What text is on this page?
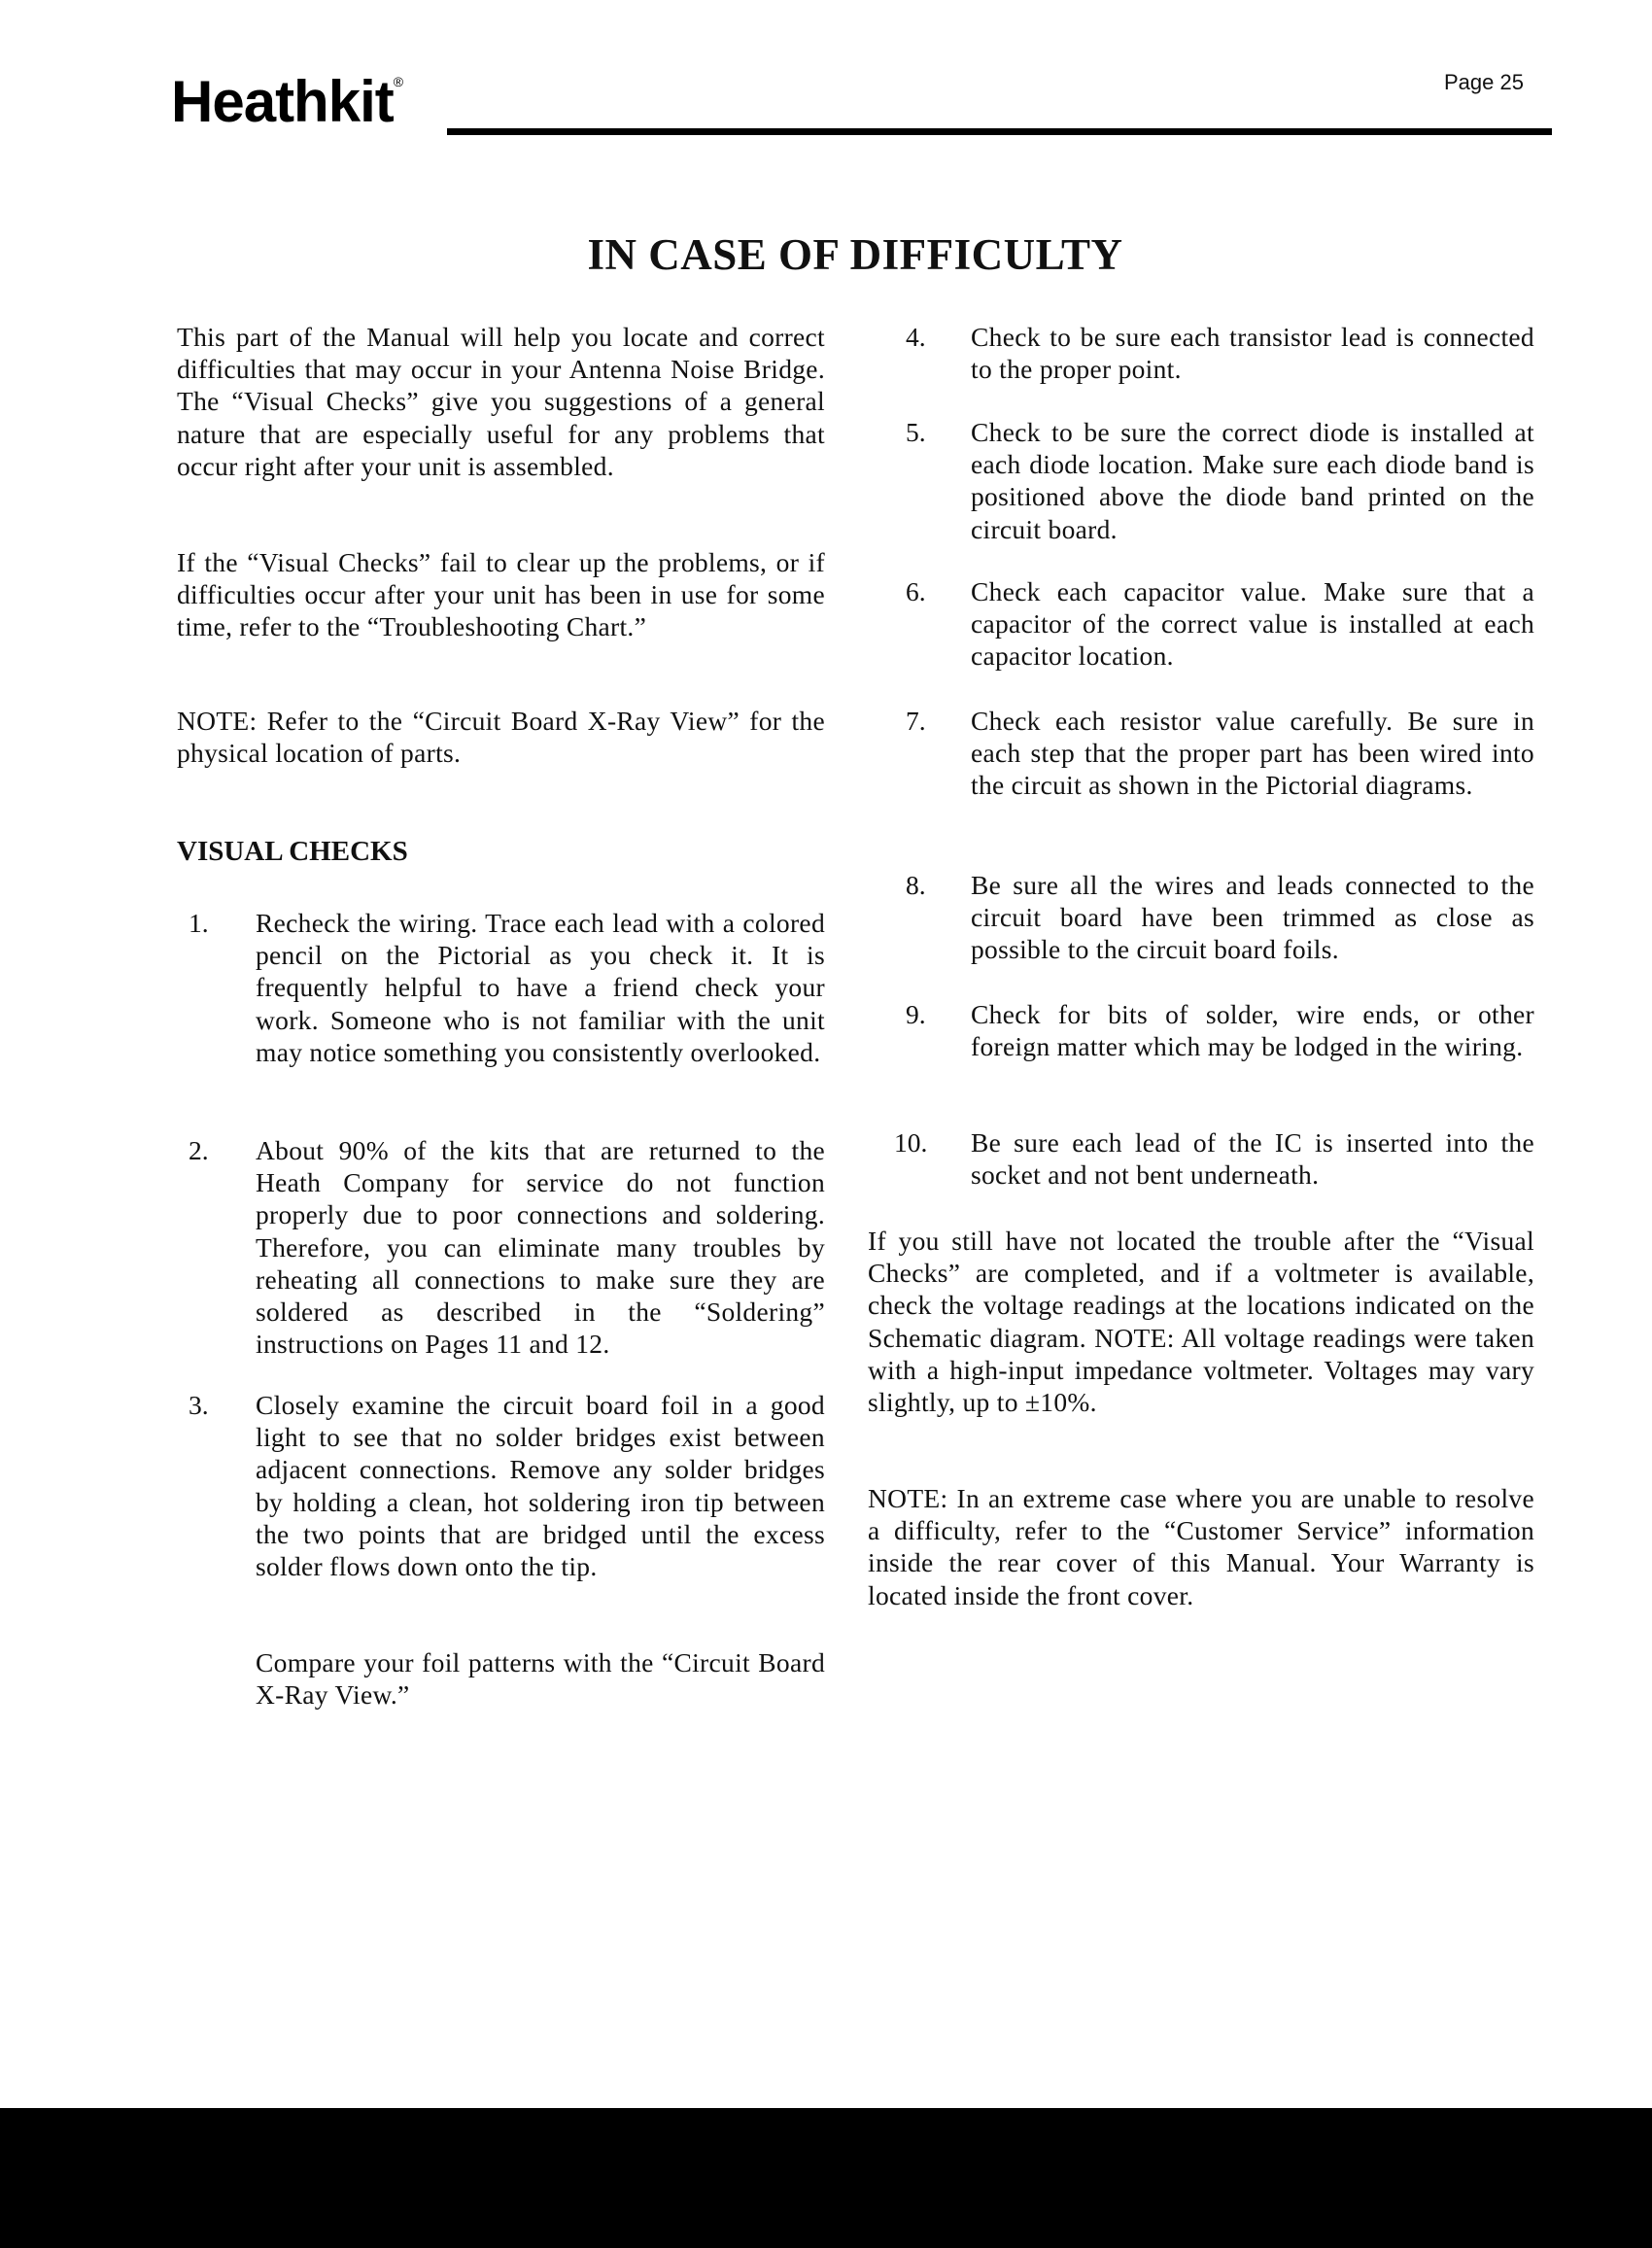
Heathkit®	Page 25
IN CASE OF DIFFICULTY
This part of the Manual will help you locate and correct difficulties that may occur in your Antenna Noise Bridge. The “Visual Checks” give you suggestions of a general nature that are especially useful for any problems that occur right after your unit is assembled.
If the “Visual Checks” fail to clear up the problems, or if difficulties occur after your unit has been in use for some time, refer to the “Troubleshooting Chart.”
NOTE: Refer to the “Circuit Board X-Ray View” for the physical location of parts.
VISUAL CHECKS
1. Recheck the wiring. Trace each lead with a colored pencil on the Pictorial as you check it. It is frequently helpful to have a friend check your work. Someone who is not familiar with the unit may notice something you consistently overlooked.
2. About 90% of the kits that are returned to the Heath Company for service do not function properly due to poor connections and soldering. Therefore, you can eliminate many troubles by reheating all connections to make sure they are soldered as described in the “Soldering” instructions on Pages 11 and 12.
3. Closely examine the circuit board foil in a good light to see that no solder bridges exist between adjacent connections. Remove any solder bridges by holding a clean, hot soldering iron tip between the two points that are bridged until the excess solder flows down onto the tip.
Compare your foil patterns with the “Circuit Board X-Ray View.”
4. Check to be sure each transistor lead is connected to the proper point.
5. Check to be sure the correct diode is installed at each diode location. Make sure each diode band is positioned above the diode band printed on the circuit board.
6. Check each capacitor value. Make sure that a capacitor of the correct value is installed at each capacitor location.
7. Check each resistor value carefully. Be sure in each step that the proper part has been wired into the circuit as shown in the Pictorial diagrams.
8. Be sure all the wires and leads connected to the circuit board have been trimmed as close as possible to the circuit board foils.
9. Check for bits of solder, wire ends, or other foreign matter which may be lodged in the wiring.
10. Be sure each lead of the IC is inserted into the socket and not bent underneath.
If you still have not located the trouble after the “Visual Checks” are completed, and if a voltmeter is available, check the voltage readings at the locations indicated on the Schematic diagram. NOTE: All voltage readings were taken with a high-input impedance voltmeter. Voltages may vary slightly, up to ±10%.
NOTE: In an extreme case where you are unable to resolve a difficulty, refer to the “Customer Service” information inside the rear cover of this Manual. Your Warranty is located inside the front cover.
